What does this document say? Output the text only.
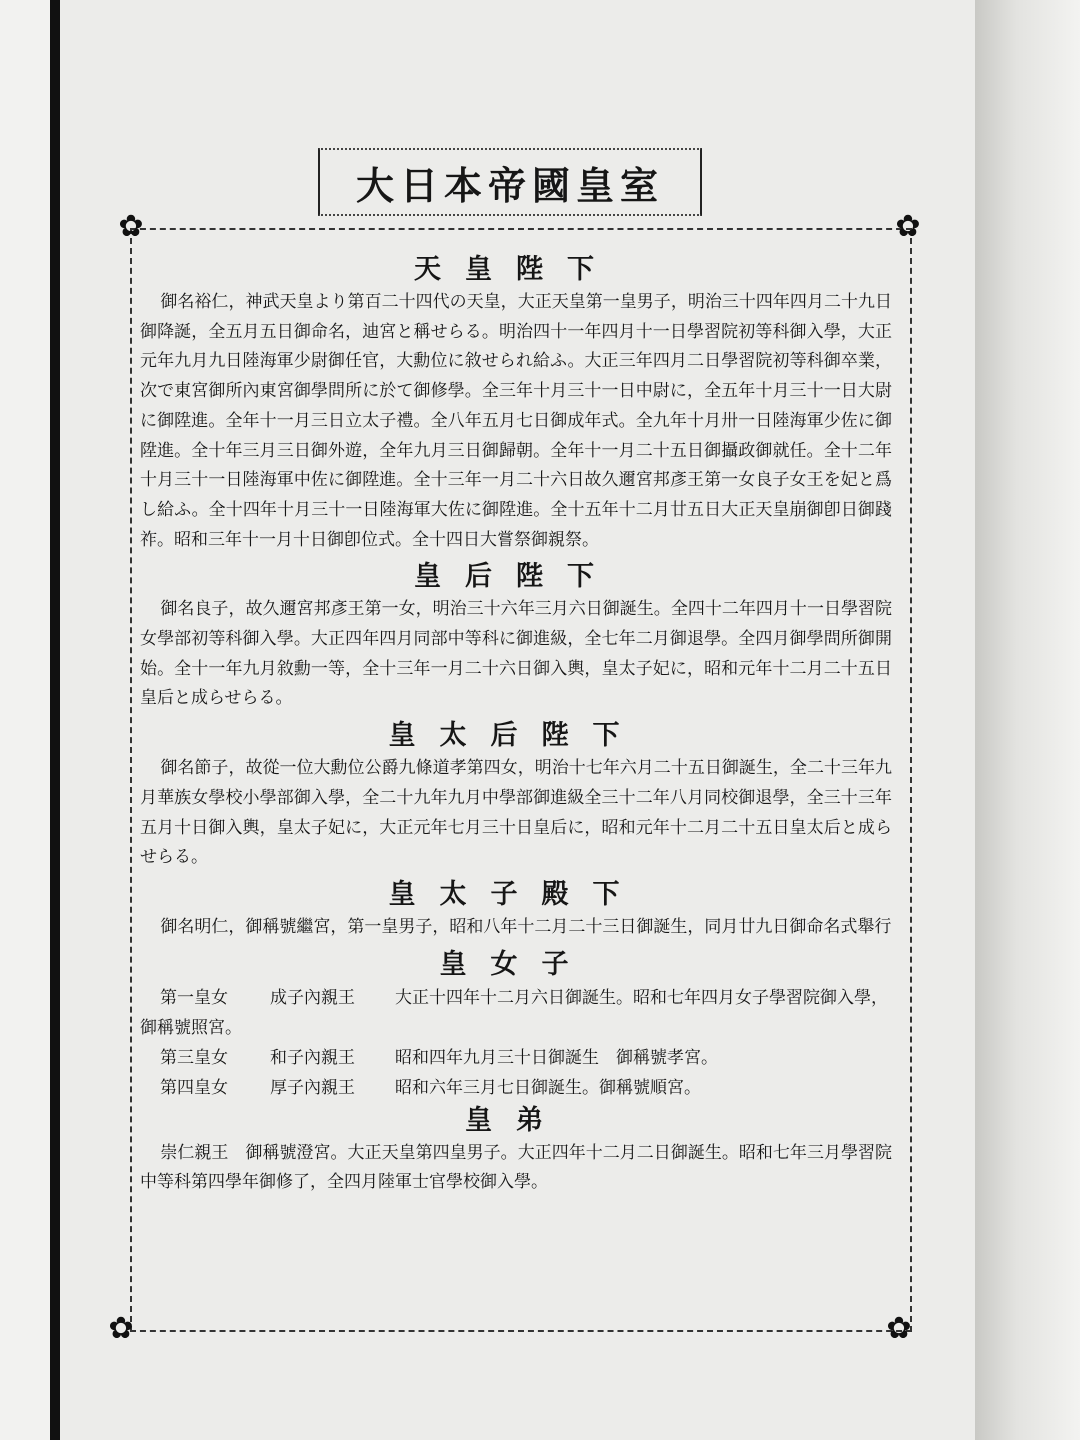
大日本帝國皇室
✿	✿
✿	✿
天皇陛下

御名裕仁，神武天皇より第百二十四代の天皇，大正天皇第一皇男子，明治三十四年四月二十九日御降誕，全五月五日御命名，迪宮と稱せらる。明治四十一年四月十一日學習院初等科御入學，大正元年九月九日陸海軍少尉御任官，大勳位に敘せられ給ふ。大正三年四月二日學習院初等科御卒業，次で東宮御所內東宮御學問所に於て御修學。全三年十月三十一日中尉に，全五年十月三十一日大尉に御陞進。全年十一月三日立太子禮。全八年五月七日御成年式。全九年十月卅一日陸海軍少佐に御陞進。全十年三月三日御外遊，全年九月三日御歸朝。全年十一月二十五日御攝政御就任。全十二年十月三十一日陸海軍中佐に御陞進。全十三年一月二十六日故久邇宮邦彥王第一女良子女王を妃と爲し給ふ。全十四年十月三十一日陸海軍大佐に御陞進。全十五年十二月廿五日大正天皇崩御卽日御踐祚。昭和三年十一月十日御卽位式。全十四日大嘗祭御親祭。

皇后陛下

御名良子，故久邇宮邦彥王第一女，明治三十六年三月六日御誕生。全四十二年四月十一日學習院女學部初等科御入學。大正四年四月同部中等科に御進級，全七年二月御退學。全四月御學問所御開始。全十一年九月敘勳一等，全十三年一月二十六日御入輿，皇太子妃に，昭和元年十二月二十五日皇后と成らせらる。

皇太后陛下

御名節子，故從一位大勳位公爵九條道孝第四女，明治十七年六月二十五日御誕生，全二十三年九月華族女學校小學部御入學，全二十九年九月中學部御進級全三十二年八月同校御退學，全三十三年五月十日御入輿，皇太子妃に，大正元年七月三十日皇后に，昭和元年十二月二十五日皇太后と成らせらる。

皇太子殿下

御名明仁，御稱號繼宮，第一皇男子，昭和八年十二月二十三日御誕生，同月廿九日御命名式舉行

皇女子

第一皇女 成子內親王 大正十四年十二月六日御誕生。昭和七年四月女子學習院御入學，御稱號照宮。

第三皇女 和子內親王 昭和四年九月三十日御誕生　御稱號孝宮。

第四皇女 厚子內親王 昭和六年三月七日御誕生。御稱號順宮。

皇弟

崇仁親王　御稱號澄宮。大正天皇第四皇男子。大正四年十二月二日御誕生。昭和七年三月學習院中等科第四學年御修了，全四月陸軍士官學校御入學。
